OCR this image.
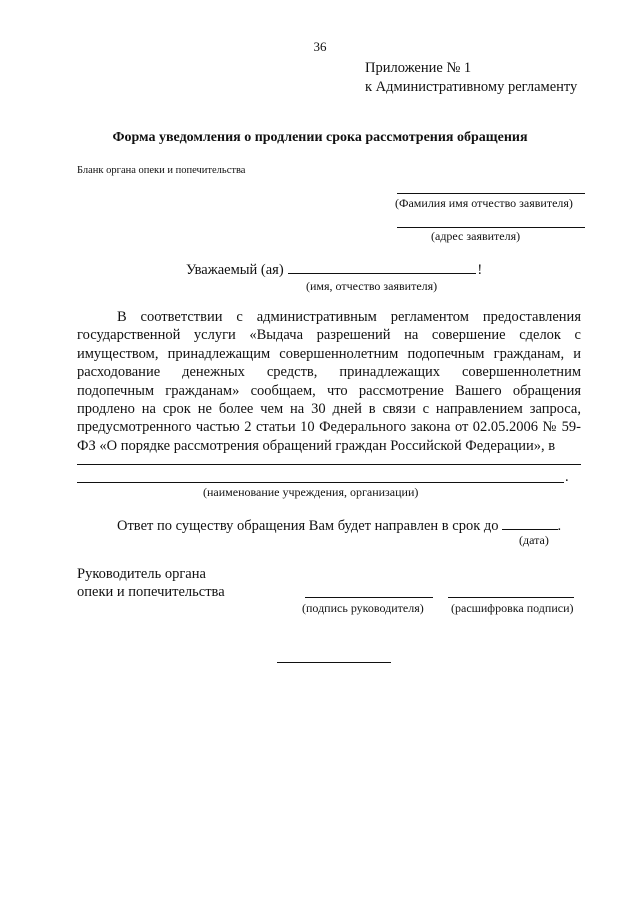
36
Приложение № 1
к Административному регламенту
Форма уведомления о продлении срока рассмотрения обращения
Бланк органа опеки и попечительства
(Фамилия имя отчество заявителя)
(адрес заявителя)
Уважаемый (ая)	!
(имя, отчество заявителя)
В соответствии с административным регламентом предоставления государственной услуги «Выдача разрешений на совершение сделок с имуществом, принадлежащим совершеннолетним подопечным гражданам, и расходование денежных средств, принадлежащих совершеннолетним подопечным гражданам» сообщаем, что рассмотрение Вашего обращения продлено на срок не более чем на 30 дней в связи с направлением запроса, предусмотренного частью 2 статьи 10 Федерального закона от 02.05.2006 № 59-ФЗ «О порядке рассмотрения обращений граждан Российской Федерации», в
.
(наименование учреждения, организации)
Ответ по существу обращения Вам будет направлен в срок до	.
(дата)
Руководитель органа
опеки и попечительства
(подпись руководителя) (расшифровка подписи)
